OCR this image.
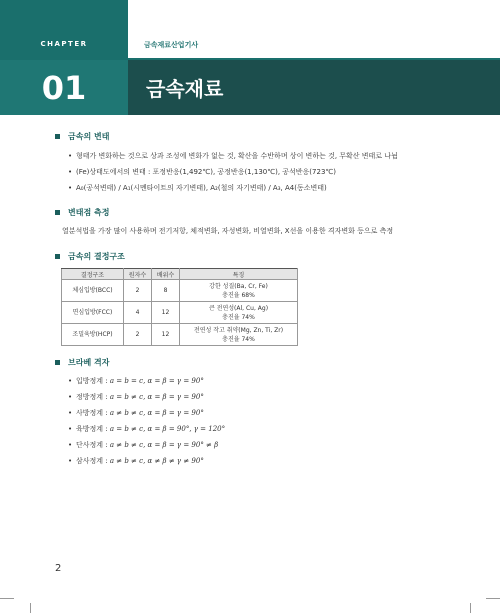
CHAPTER	금속재료산업기사
01	금속재료
금속의 변태
• 형태가 변화하는 것으로 상과 조성에 변화가 없는 것, 확산을 수반하며 상이 변하는 것, 무확산 변태로 나뉨
• (Fe)상태도에서의 변태 : 포정반응(1,492℃), 공정반응(1,130℃), 공석반응(723℃)
• A₀(공석변태) / A₁(시멘타이트의 자기변태), A₂(철의 자기변태) / A₃, A4(동소변태)
변태점 측정
열분석법을 가장 많이 사용하며 전기저항, 체적변화, 자성변화, 비열변화, X선을 이용한 격자변화 등으로 측정
금속의 결정구조
결정구조	원자수	배위수	특징
체심입방(BCC)	2	8	강한 성질(Ba, Cr, Fe)
충진율 68%

면심입방(FCC)	4	12	큰 전연성(Al, Cu, Ag)
충진율 74%

조밀육방(HCP)	2	12	전연성 작고 취약(Mg, Zn, Ti, Zr)
충진율 74%
브라베 격자
• 입방정계 : a = b = c, α = β = γ = 90°
• 정방정계 : a = b ≠ c, α = β = γ = 90°
• 사방정계 : a ≠ b ≠ c, α = β = γ = 90°
• 육방정계 : a = b ≠ c, α = β = 90°, γ = 120°
• 단사정계 : a ≠ b ≠ c, α = β = γ = 90° ≠ β
• 삼사정계 : a ≠ b ≠ c, α ≠ β ≠ γ ≠ 90°
2
